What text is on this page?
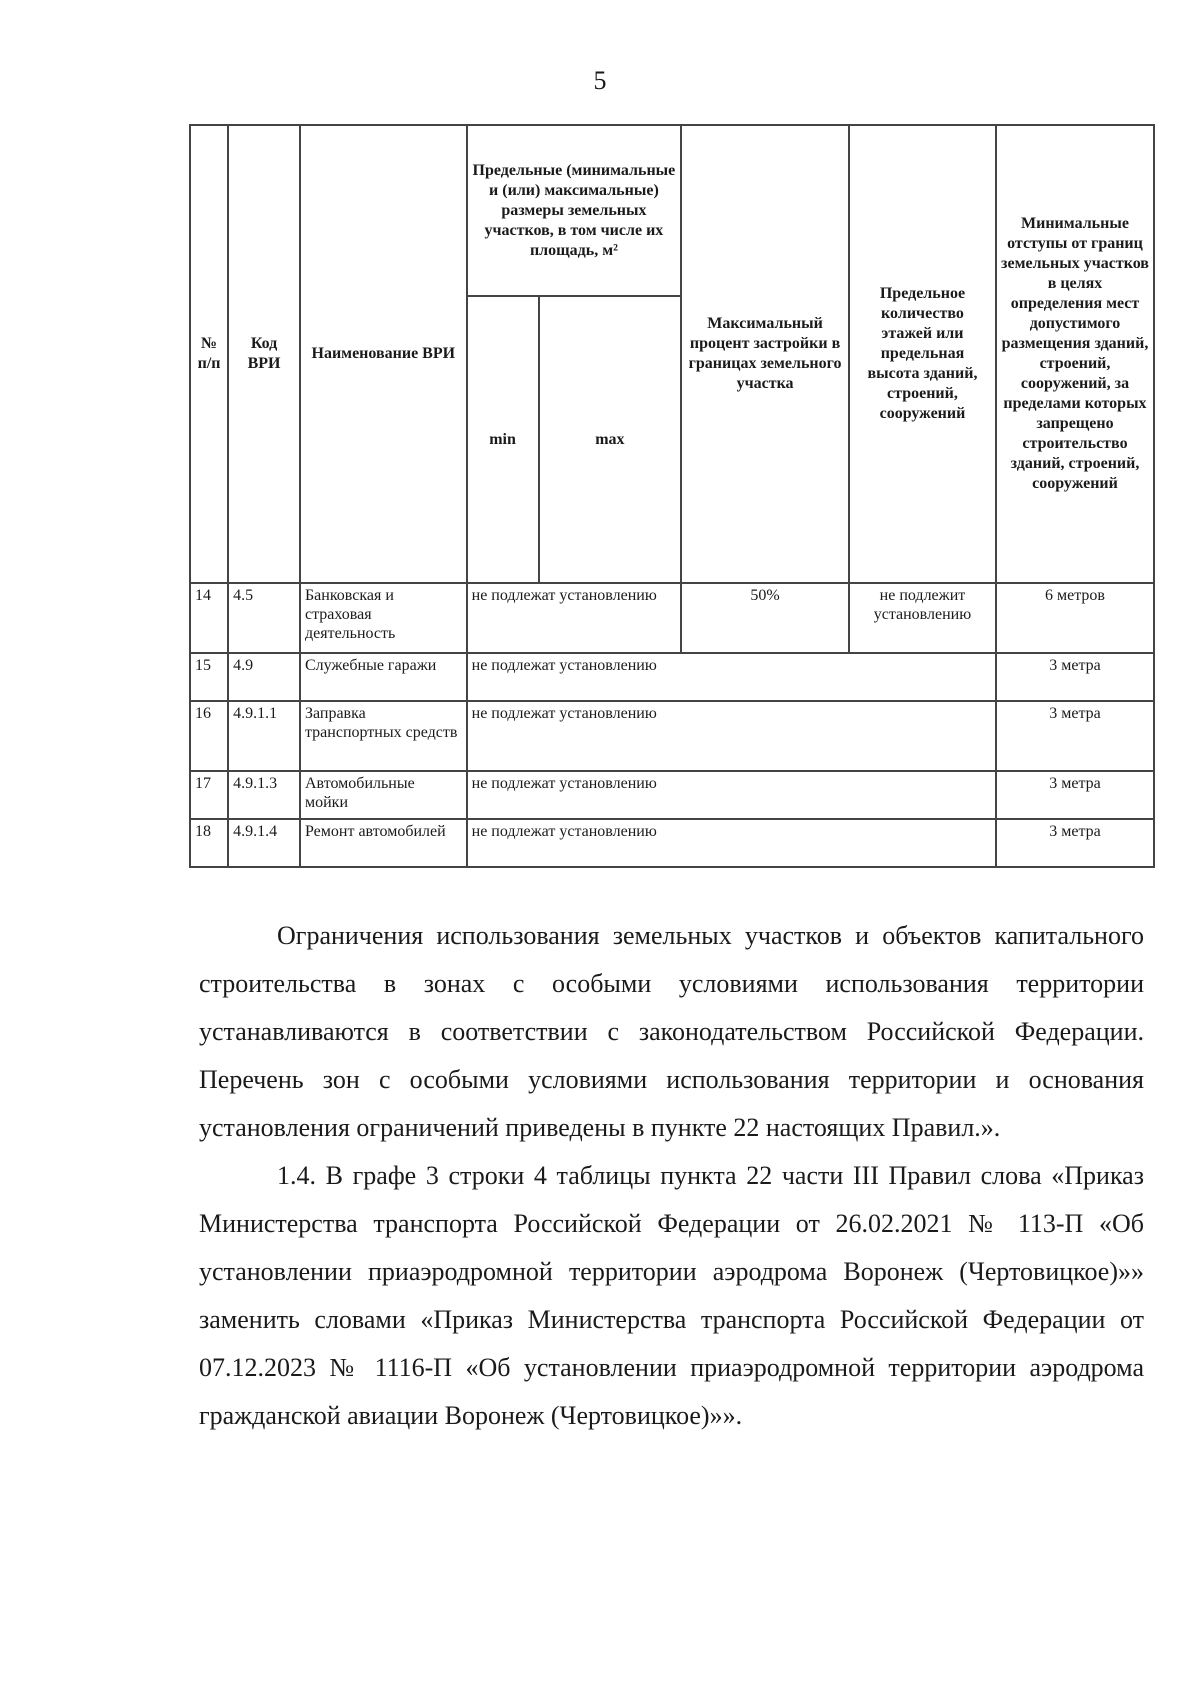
5
№ п/п	Код ВРИ	Наименование ВРИ	Предельные (минимальные и (или) максимальные) размеры земельных участков, в том числе их площадь, м²		Максимальный процент застройки в границах земельного участка	Предельное количество этажей или предельная высота зданий, строений, сооружений	Минимальные отступы от границ земельных участков в целях определения мест допустимого размещения зданий, строений, сооружений, за пределами которых запрещено строительство зданий, строений, сооружений
			min	max			
14	4.5	Банковская и страховая деятельность	не подлежат установлению		50%	не подлежит установлению	6 метров
15	4.9	Служебные гаражи	не подлежат установлению				3 метра
16	4.9.1.1	Заправка транспортных средств	не подлежат установлению				3 метра
17	4.9.1.3	Автомобильные мойки	не подлежат установлению				3 метра
18	4.9.1.4	Ремонт автомобилей	не подлежат установлению				3 метра

Ограничения использования земельных участков и объектов капитального строительства в зонах с особыми условиями использования территории устанавливаются в соответствии с законодательством Российской Федерации. Перечень зон с особыми условиями использования территории и основания установления ограничений приведены в пункте 22 настоящих Правил.».

1.4. В графе 3 строки 4 таблицы пункта 22 части III Правил слова «Приказ Министерства транспорта Российской Федерации от 26.02.2021 № 113-П «Об установлении приаэродромной территории аэродрома Воронеж (Чертовицкое)»» заменить словами «Приказ Министерства транспорта Российской Федерации от 07.12.2023 № 1116-П «Об установлении приаэродромной территории аэродрома гражданской авиации Воронеж (Чертовицкое)»».
